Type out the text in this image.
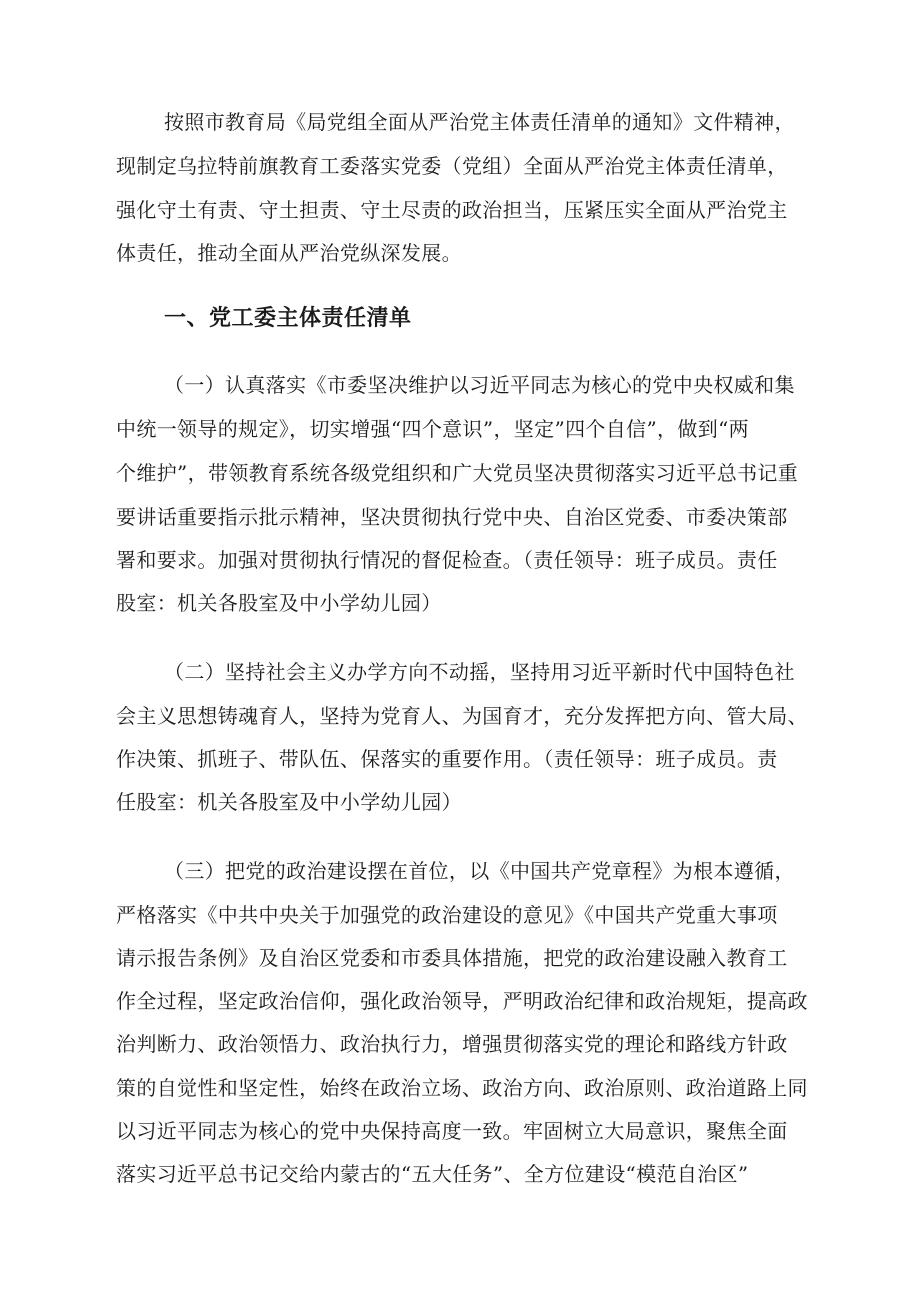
按照市教育局《局党组全面从严治党主体责任清单的通知》文件精神，
现制定乌拉特前旗教育工委落实党委（党组）全面从严治党主体责任清单，
强化守土有责、守土担责、守土尽责的政治担当，压紧压实全面从严治党主
体责任，推动全面从严治党纵深发展。
一、党工委主体责任清单
（一）认真落实《市委坚决维护以习近平同志为核心的党中央权威和集
中统一领导的规定》，切实增强“四个意识”，坚定”四个自信”，做到“两
个维护”，带领教育系统各级党组织和广大党员坚决贯彻落实习近平总书记重
要讲话重要指示批示精神，坚决贯彻执行党中央、自治区党委、市委决策部
署和要求。加强对贯彻执行情况的督促检查。（责任领导：班子成员。责任
股室：机关各股室及中小学幼儿园）
（二）坚持社会主义办学方向不动摇，坚持用习近平新时代中国特色社
会主义思想铸魂育人，坚持为党育人、为国育才，充分发挥把方向、管大局、
作决策、抓班子、带队伍、保落实的重要作用。（责任领导：班子成员。责
任股室：机关各股室及中小学幼儿园）
（三）把党的政治建设摆在首位，以《中国共产党章程》为根本遵循，
严格落实《中共中央关于加强党的政治建设的意见》《中国共产党重大事项
请示报告条例》及自治区党委和市委具体措施，把党的政治建设融入教育工
作全过程，坚定政治信仰，强化政治领导，严明政治纪律和政治规矩，提高政
治判断力、政治领悟力、政治执行力，增强贯彻落实党的理论和路线方针政
策的自觉性和坚定性，始终在政治立场、政治方向、政治原则、政治道路上同
以习近平同志为核心的党中央保持高度一致。牢固树立大局意识，聚焦全面
落实习近平总书记交给内蒙古的“五大任务”、全方位建设“模范自治区”
